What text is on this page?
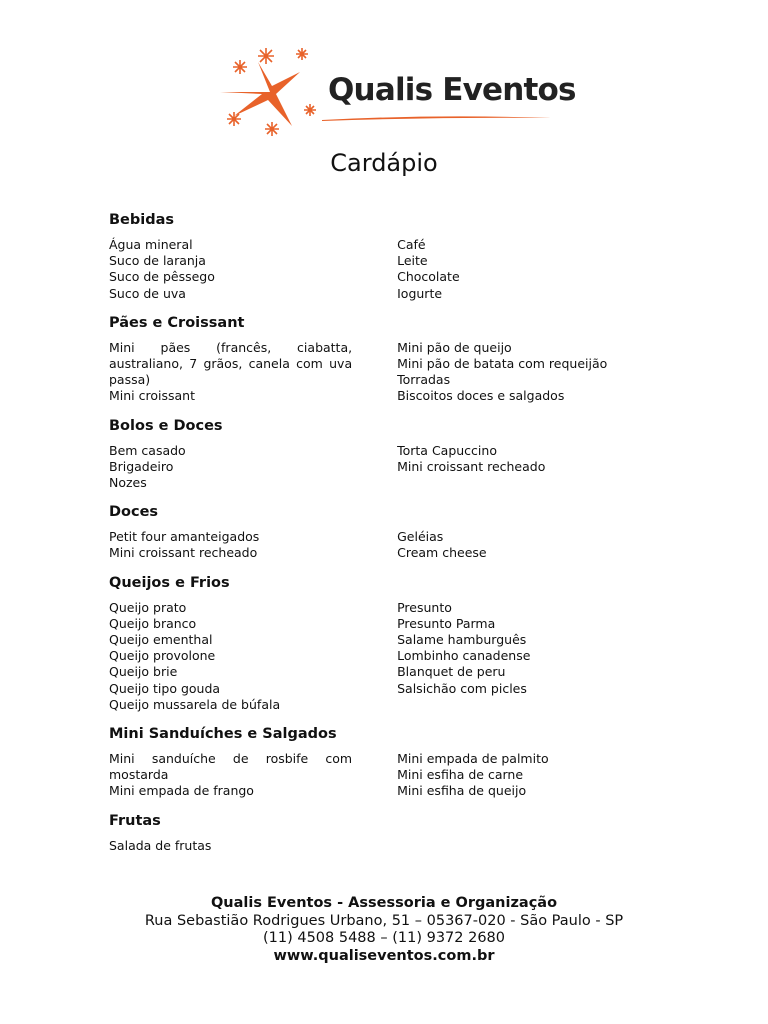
Qualis Eventos
Cardápio
Bebidas
Água mineral
Suco de laranja
Suco de pêssego
Suco de uva
Café
Leite
Chocolate
Iogurte
Pães e Croissant
Mini pães (francês, ciabatta, australiano, 7 grãos, canela com uva passa)
Mini croissant
Mini pão de queijo
Mini pão de batata com requeijão
Torradas
Biscoitos doces e salgados
Bolos e Doces
Bem casado
Brigadeiro
Nozes
Torta Capuccino
Mini croissant recheado
Doces
Petit four amanteigados
Mini croissant recheado
Geléias
Cream cheese
Queijos e Frios
Queijo prato
Queijo branco
Queijo ementhal
Queijo provolone
Queijo brie
Queijo tipo gouda
Queijo mussarela de búfala
Presunto
Presunto Parma
Salame hamburguês
Lombinho canadense
Blanquet de peru
Salsichão com picles
Mini Sanduíches e Salgados
Mini sanduíche de rosbife com mostarda
Mini empada de frango
Mini empada de palmito
Mini esfiha de carne
Mini esfiha de queijo
Frutas
Salada de frutas
Qualis Eventos - Assessoria e Organização
Rua Sebastião Rodrigues Urbano, 51 – 05367-020 - São Paulo - SP
(11) 4508 5488 – (11) 9372 2680
www.qualiseventos.com.br
